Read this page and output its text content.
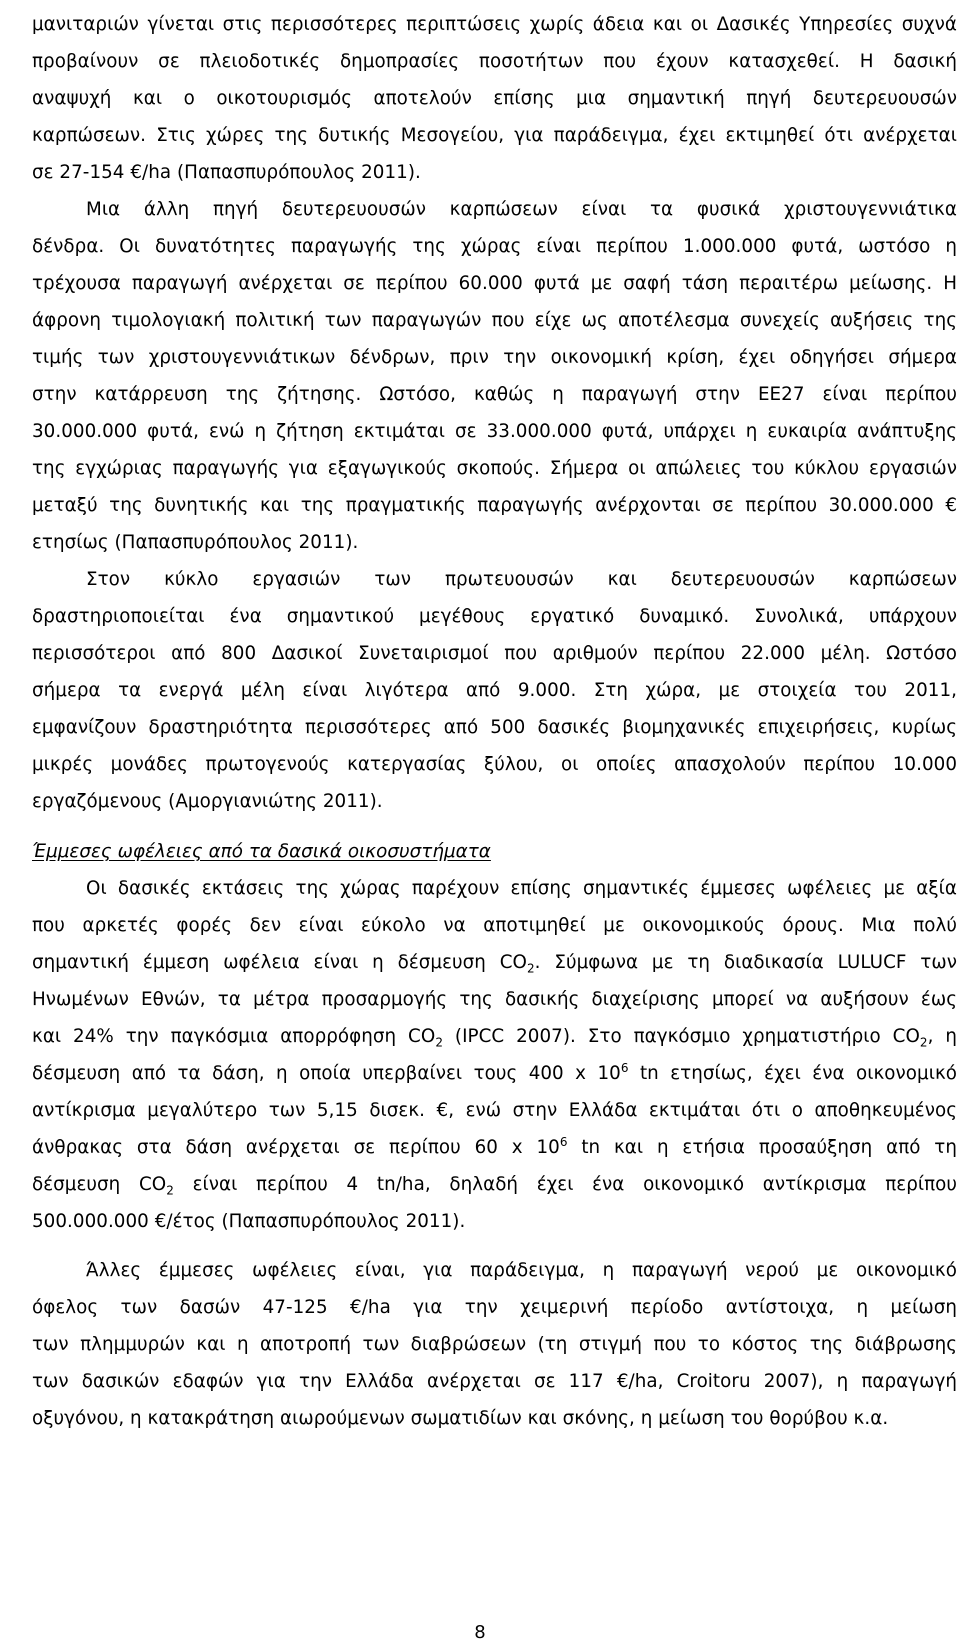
μανιταριών γίνεται στις περισσότερες περιπτώσεις χωρίς άδεια και οι Δασικές Υπηρεσίες συχνά
προβαίνουν σε πλειοδοτικές δημοπρασίες ποσοτήτων που έχουν κατασχεθεί. Η δασική
αναψυχή και ο οικοτουρισμός αποτελούν επίσης μια σημαντική πηγή δευτερευουσών
καρπώσεων. Στις χώρες της δυτικής Μεσογείου, για παράδειγμα, έχει εκτιμηθεί ότι ανέρχεται
σε 27-154 €/ha (Παπασπυρόπουλος 2011).
Μια άλλη πηγή δευτερευουσών καρπώσεων είναι τα φυσικά χριστουγεννιάτικα
δένδρα. Οι δυνατότητες παραγωγής της χώρας είναι περίπου 1.000.000 φυτά, ωστόσο η
τρέχουσα παραγωγή ανέρχεται σε περίπου 60.000 φυτά με σαφή τάση περαιτέρω μείωσης. Η
άφρονη τιμολογιακή πολιτική των παραγωγών που είχε ως αποτέλεσμα συνεχείς αυξήσεις της
τιμής των χριστουγεννιάτικων δένδρων, πριν την οικονομική κρίση, έχει οδηγήσει σήμερα
στην κατάρρευση της ζήτησης. Ωστόσο, καθώς η παραγωγή στην ΕΕ27 είναι περίπου
30.000.000 φυτά, ενώ η ζήτηση εκτιμάται σε 33.000.000 φυτά, υπάρχει η ευκαιρία ανάπτυξης
της εγχώριας παραγωγής για εξαγωγικούς σκοπούς. Σήμερα οι απώλειες του κύκλου εργασιών
μεταξύ της δυνητικής και της πραγματικής παραγωγής ανέρχονται σε περίπου 30.000.000 €
ετησίως (Παπασπυρόπουλος 2011).
Στον κύκλο εργασιών των πρωτευουσών και δευτερευουσών καρπώσεων
δραστηριοποιείται ένα σημαντικού μεγέθους εργατικό δυναμικό. Συνολικά, υπάρχουν
περισσότεροι από 800 Δασικοί Συνεταιρισμοί που αριθμούν περίπου 22.000 μέλη. Ωστόσο
σήμερα τα ενεργά μέλη είναι λιγότερα από 9.000. Στη χώρα, με στοιχεία του 2011,
εμφανίζουν δραστηριότητα περισσότερες από 500 δασικές βιομηχανικές επιχειρήσεις, κυρίως
μικρές μονάδες πρωτογενούς κατεργασίας ξύλου, οι οποίες απασχολούν περίπου 10.000
εργαζόμενους (Αμοργιανιώτης 2011).
Έμμεσες ωφέλειες από τα δασικά οικοσυστήματα
Οι δασικές εκτάσεις της χώρας παρέχουν επίσης σημαντικές έμμεσες ωφέλειες με αξία
που αρκετές φορές δεν είναι εύκολο να αποτιμηθεί με οικονομικούς όρους. Μια πολύ
σημαντική έμμεση ωφέλεια είναι η δέσμευση $CO_2$. Σύμφωνα με τη διαδικασία LULUCF των
Ηνωμένων Εθνών, τα μέτρα προσαρμογής της δασικής διαχείρισης μπορεί να αυξήσουν έως
και 24% την παγκόσμια απορρόφηση $CO_2$ (IPCC 2007). Στο παγκόσμιο χρηματιστήριο $CO_2$, η
δέσμευση από τα δάση, η οποία υπερβαίνει τους 400 x $10^6$ tn ετησίως, έχει ένα οικονομικό
αντίκρισμα μεγαλύτερο των 5,15 δισεκ. €, ενώ στην Ελλάδα εκτιμάται ότι ο αποθηκευμένος
άνθρακας στα δάση ανέρχεται σε περίπου 60 x $10^6$ tn και η ετήσια προσαύξηση από τη
δέσμευση $CO_2$ είναι περίπου 4 tn/ha, δηλαδή έχει ένα οικονομικό αντίκρισμα περίπου
500.000.000 €/έτος (Παπασπυρόπουλος 2011).
Άλλες έμμεσες ωφέλειες είναι, για παράδειγμα, η παραγωγή νερού με οικονομικό
όφελος των δασών 47-125 €/ha για την χειμερινή περίοδο αντίστοιχα, η μείωση
των πλημμυρών και η αποτροπή των διαβρώσεων (τη στιγμή που το κόστος της διάβρωσης
των δασικών εδαφών για την Ελλάδα ανέρχεται σε 117 €/ha, Croitoru 2007), η παραγωγή
οξυγόνου, η κατακράτηση αιωρούμενων σωματιδίων και σκόνης, η μείωση του θορύβου κ.α.
8
